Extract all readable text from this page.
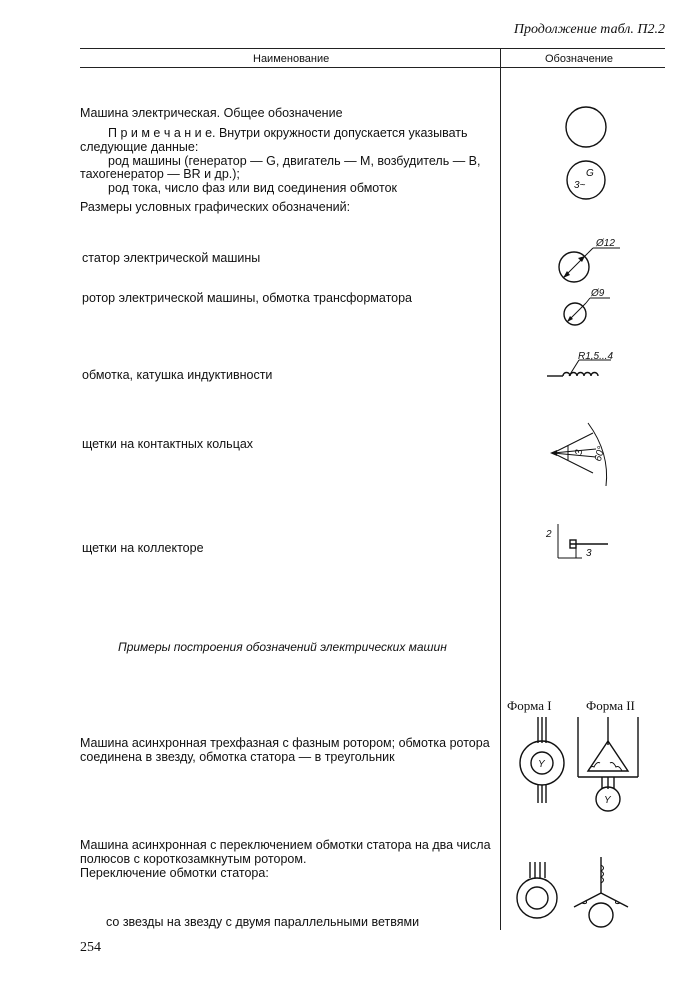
Продолжение табл. П2.2
Наименование	Обозначение
Машина электрическая. Общее обозначение
П р и м е ч а н и е. Внутри окружности допускается указывать
следующие данные:
род машины (генератор — G, двигатель — M, возбудитель — B,
тахогенератор — BR и др.);
род тока, число фаз или вид соединения обмоток
Размеры условных графических обозначений:
статор электрической машины
ротор электрической машины, обмотка трансформатора
обмотка, катушка индуктивности
щетки на контактных кольцах
щетки на коллекторе
Примеры построения обозначений электрических машин
Форма I	Форма II
Машина асинхронная трехфазная с фазным ротором; обмотка ротора
соединена в звезду, обмотка статора — в треугольник
Машина асинхронная с переключением обмотки статора на два числа
полюсов с короткозамкнутым ротором.
Переключение обмотки статора:
со звезды на звезду с двумя параллельными ветвями
254
G
3~
Ø12
Ø9
R1,5...4
3 60°
2
3
Y
Y
